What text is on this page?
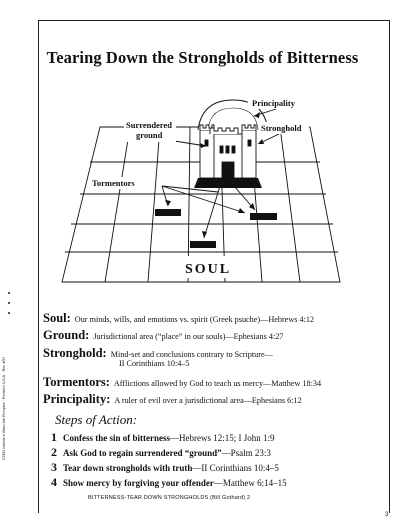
Tearing Down the Strongholds of Bitterness
SOUL
Principality
Surrendered
ground
Stronghold
Tormentors
Soul: Our minds, wills, and emotions vs. spirit (Greek psuche)—Hebrews 4:12
Ground: Jurisdictional area (“place” in our souls)—Ephesians 4:27
Stronghold: Mind-set and conclusions contrary to Scripture—
II Corinthians 10:4–5
Tormentors: Afflictions allowed by God to teach us mercy—Matthew 18:34
Principality: A ruler of evil over a jurisdictional area—Ephesians 6:12
Steps of Action:
1 Confess the sin of bitterness—Hebrews 12:15; I John 1:9
2 Ask God to regain surrendered “ground”—Psalm 23:3
3 Tear down strongholds with truth—II Corinthians 10:4–5
4 Show mercy by forgiving your offender—Matthew 6:14–15
BITTERNESS-TEAR DOWN STRONGHOLDS (Bill Gothard) 2
3
©1993 Institute in Basic Life Principles · Printed in U.S.A. · Rev. 4/97
